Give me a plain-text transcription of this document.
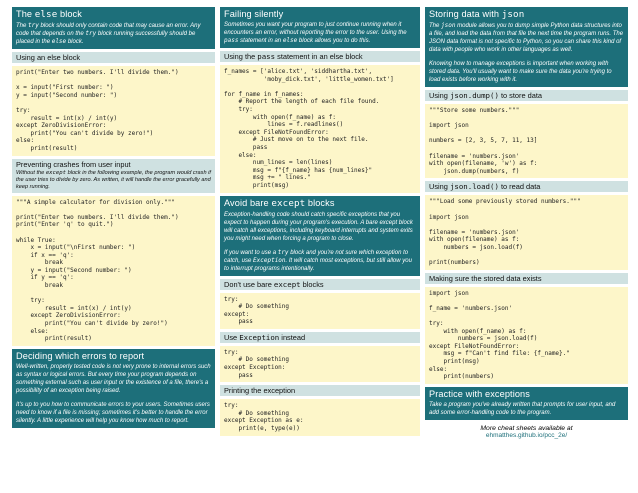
The else block

The try block should only contain code that may cause an error. Any code that depends on the try block running successfully should be placed in the else block.

Using an else block
print("Enter two numbers. I'll divide them.")

x = input("First number: ")
y = input("Second number: ")

try:
result = int(x) / int(y)
except ZeroDivisionError:
print("You can't divide by zero!")
else:
print(result)
Preventing crashes from user input
Without the except block in the following example, the program would crash if the user tries to divide by zero. As written, it will handle the error gracefully and keep running.
"""A simple calculator for division only."""

print("Enter two numbers. I'll divide them.")
print("Enter 'q' to quit.")

while True:
x = input("\nFirst number: ")
if x == 'q':
break
y = input("Second number: ")
if y == 'q':
break

try:
result = int(x) / int(y)
except ZeroDivisionError:
print("You can't divide by zero!")
else:
print(result)
Deciding which errors to report

Well-written, properly tested code is not very prone to internal errors such as syntax or logical errors. But every time your program depends on something external such as user input or the existence of a file, there's a possibility of an exception being raised.

It's up to you how to communicate errors to your users. Sometimes users need to know if a file is missing; sometimes it's better to handle the error silently. A little experience will help you know how much to report.

Failing silently

Sometimes you want your program to just continue running when it encounters an error, without reporting the error to the user. Using the pass statement in an else block allows you to do this.

Using the pass statement in an else block
f_names = ['alice.txt', 'siddhartha.txt',
'moby_dick.txt', 'little_women.txt']

for f_name in f_names:
# Report the length of each file found.
try:
with open(f_name) as f:
lines = f.readlines()
except FileNotFoundError:
# Just move on to the next file.
pass
else:
num_lines = len(lines)
msg = f"{f_name} has {num_lines}"
msg += " lines."
print(msg)
Avoid bare except blocks

Exception-handling code should catch specific exceptions that you expect to happen during your program's execution. A bare except block will catch all exceptions, including keyboard interrupts and system exits you might need when forcing a program to close.

If you want to use a try block and you're not sure which exception to catch, use Exception. It will catch most exceptions, but still allow you to interrupt programs intentionally.

Don't use bare except blocks
try:
# Do something
except:
pass
Use Exception instead
try:
# Do something
except Exception:
pass
Printing the exception
try:
# Do something
except Exception as e:
print(e, type(e))
Storing data with json

The json module allows you to dump simple Python data structures into a file, and load the data from that file the next time the program runs. The JSON data format is not specific to Python, so you can share this kind of data with people who work in other languages as well.

Knowing how to manage exceptions is important when working with stored data. You'll usually want to make sure the data you're trying to load exists before working with it.

Using json.dump() to store data
"""Store some numbers."""

import json

numbers = [2, 3, 5, 7, 11, 13]

filename = 'numbers.json'
with open(filename, 'w') as f:
json.dump(numbers, f)
Using json.load() to read data
"""Load some previously stored numbers."""

import json

filename = 'numbers.json'
with open(filename) as f:
numbers = json.load(f)

print(numbers)
Making sure the stored data exists
import json

f_name = 'numbers.json'

try:
with open(f_name) as f:
numbers = json.load(f)
except FileNotFoundError:
msg = f"Can't find file: {f_name}."
print(msg)
else:
print(numbers)
Practice with exceptions

Take a program you've already written that prompts for user input, and add some error-handling code to the program.

More cheat sheets available at
ehmatthes.github.io/pcc_2e/
